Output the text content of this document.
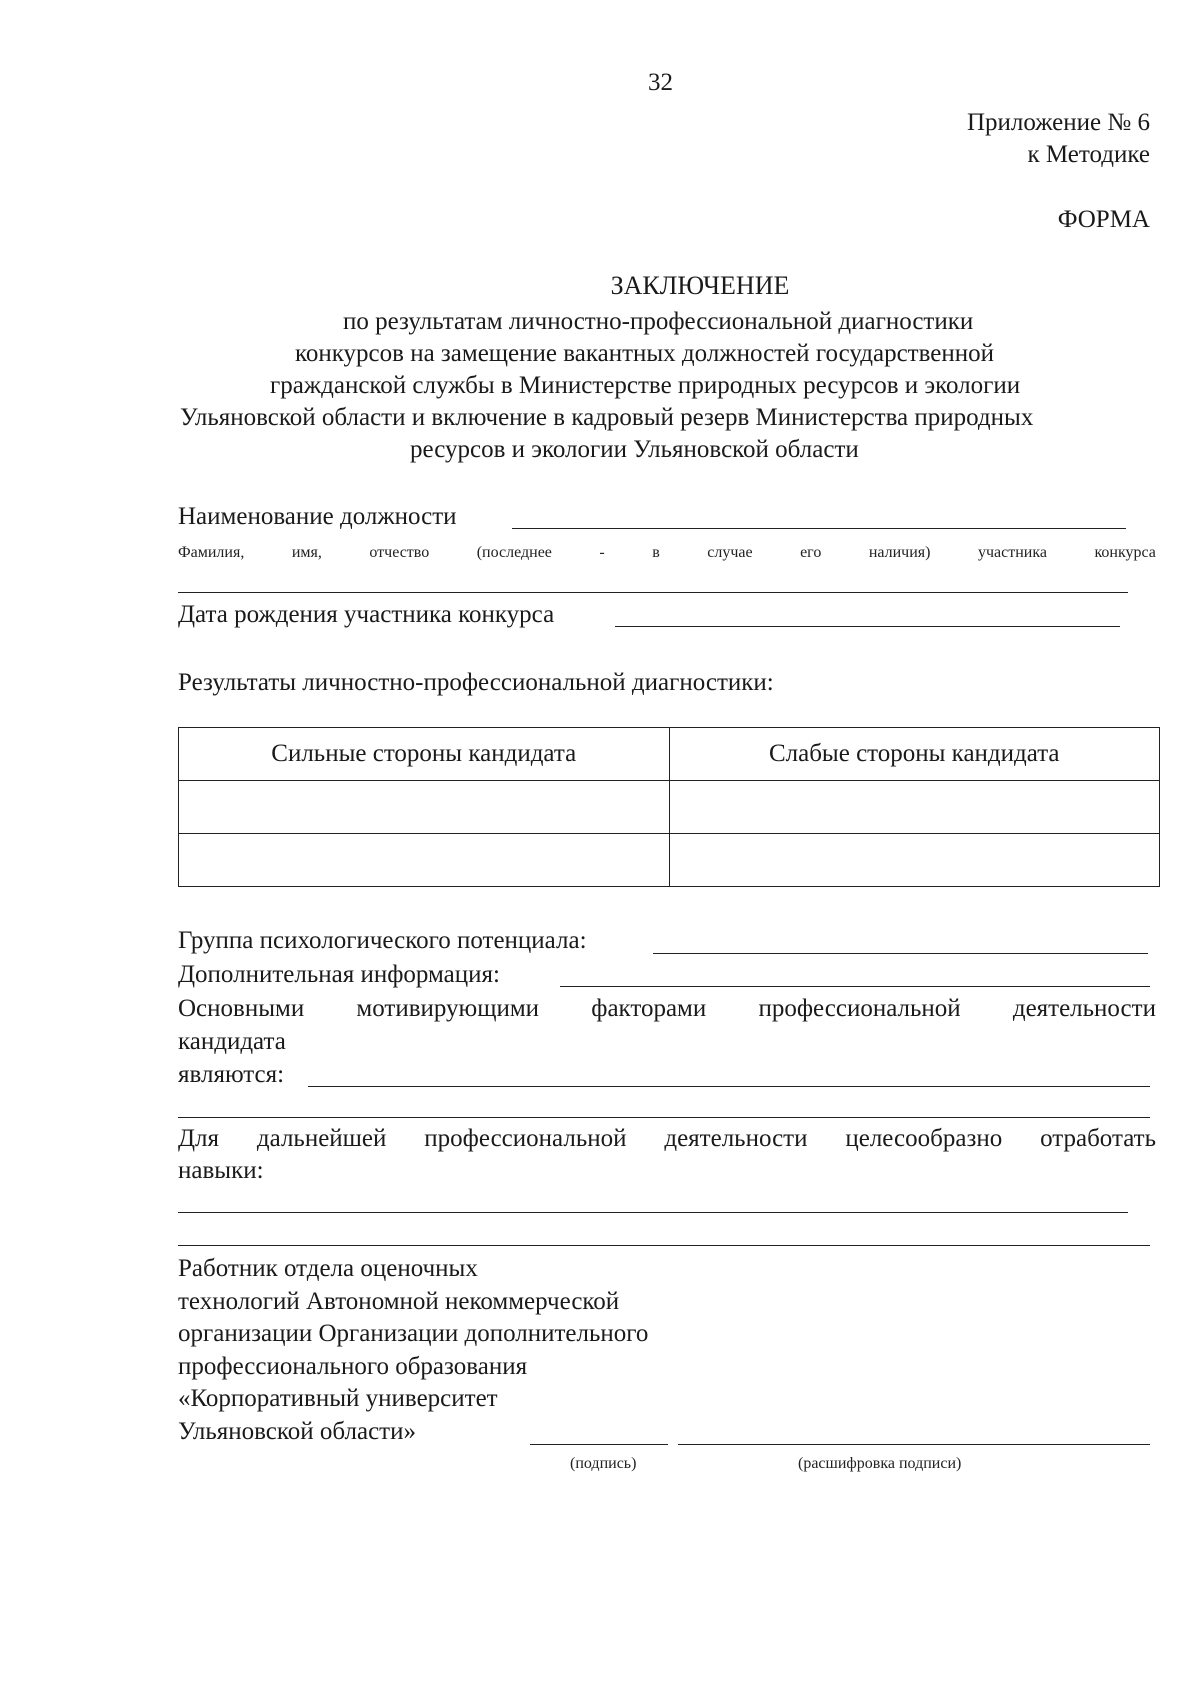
32
Приложение № 6
к Методике
ФОРМА
ЗАКЛЮЧЕНИЕ
по результатам личностно-профессиональной диагностики
конкурсов на замещение вакантных должностей государственной
гражданской службы в Министерстве природных ресурсов и экологии
Ульяновской области и включение в кадровый резерв Министерства природных
ресурсов и экологии Ульяновской области
Наименование должности
Фамилия,	имя,	отчество	(последнее	-	в	случае	его	наличия)	участника	конкурса
Дата рождения участника конкурса
Результаты личностно-профессиональной диагностики:
Сильные стороны кандидата	Слабые стороны кандидата

Группа психологического потенциала:
Дополнительная информация:
Основными мотивирующими факторами профессиональной деятельности
кандидата
являются:
Для дальнейшей профессиональной деятельности целесообразно отработать
навыки:
Работник отдела оценочных
технологий Автономной некоммерческой
организации Организации дополнительного
профессионального образования
«Корпоративный университет
Ульяновской области»
(подпись)	(расшифровка подписи)
